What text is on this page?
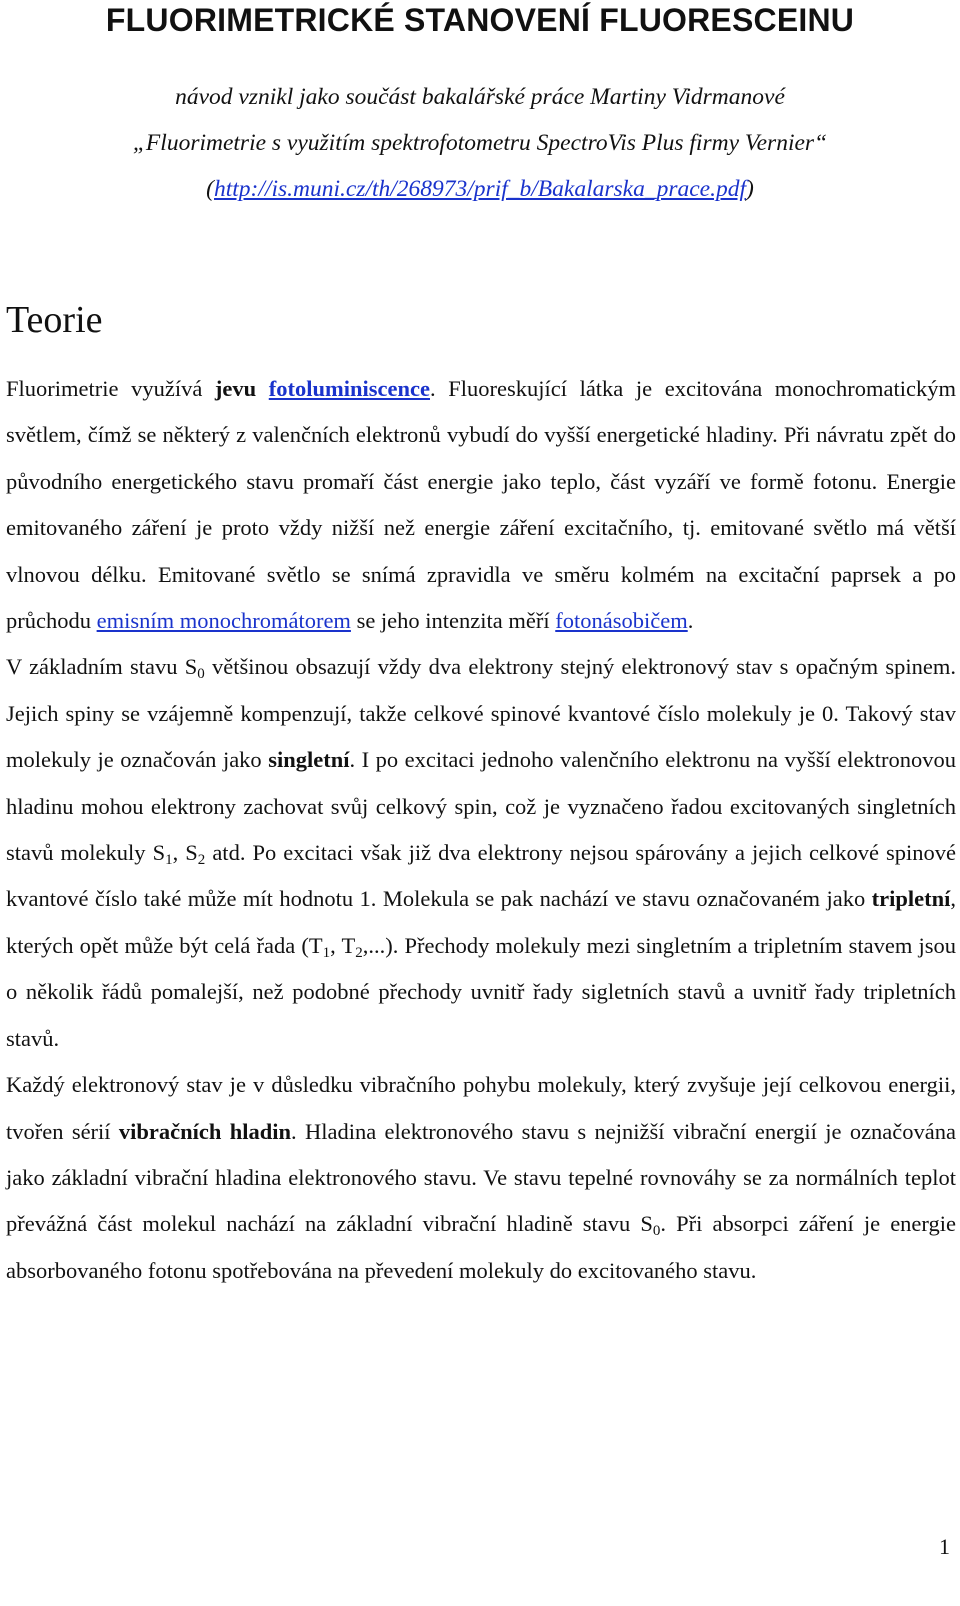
FLUORIMETRICKÉ STANOVENÍ FLUORESCEINU
návod vznikl jako součást bakalářské práce Martiny Vidrmanové
„Fluorimetrie s využitím spektrofotometru SpectroVis Plus firmy Vernier“
(http://is.muni.cz/th/268973/prif_b/Bakalarska_prace.pdf)
Teorie

Fluorimetrie využívá jevu fotoluminiscence. Fluoreskující látka je excitována monochromatickým světlem, čímž se některý z valenčních elektronů vybudí do vyšší energetické hladiny. Při návratu zpět do původního energetického stavu promaří část energie jako teplo, část vyzáří ve formě fotonu. Energie emitovaného záření je proto vždy nižší než energie záření excitačního, tj. emitované světlo má větší vlnovou délku. Emitované světlo se snímá zpravidla ve směru kolmém na excitační paprsek a po průchodu emisním monochromátorem se jeho intenzita měří fotonásobičem.

V základním stavu $S_0$ většinou obsazují vždy dva elektrony stejný elektronový stav s opačným spinem. Jejich spiny se vzájemně kompenzují, takže celkové spinové kvantové číslo molekuly je 0. Takový stav molekuly je označován jako singletní. I po excitaci jednoho valenčního elektronu na vyšší elektronovou hladinu mohou elektrony zachovat svůj celkový spin, což je vyznačeno řadou excitovaných singletních stavů molekuly $S_1$, $S_2$ atd. Po excitaci však již dva elektrony nejsou spárovány a jejich celkové spinové kvantové číslo také může mít hodnotu 1. Molekula se pak nachází ve stavu označovaném jako tripletní, kterých opět může být celá řada ($T_1$, $T_2$,...). Přechody molekuly mezi singletním a tripletním stavem jsou o několik řádů pomalejší, než podobné přechody uvnitř řady sigletních stavů a uvnitř řady tripletních stavů.

Každý elektronový stav je v důsledku vibračního pohybu molekuly, který zvyšuje její celkovou energii, tvořen sérií vibračních hladin. Hladina elektronového stavu s nejnižší vibrační energií je označována jako základní vibrační hladina elektronového stavu. Ve stavu tepelné rovnováhy se za normálních teplot převážná část molekul nachází na základní vibrační hladině stavu $S_0$. Při absorpci záření je energie absorbovaného fotonu spotřebována na převedení molekuly do excitovaného stavu.

1
